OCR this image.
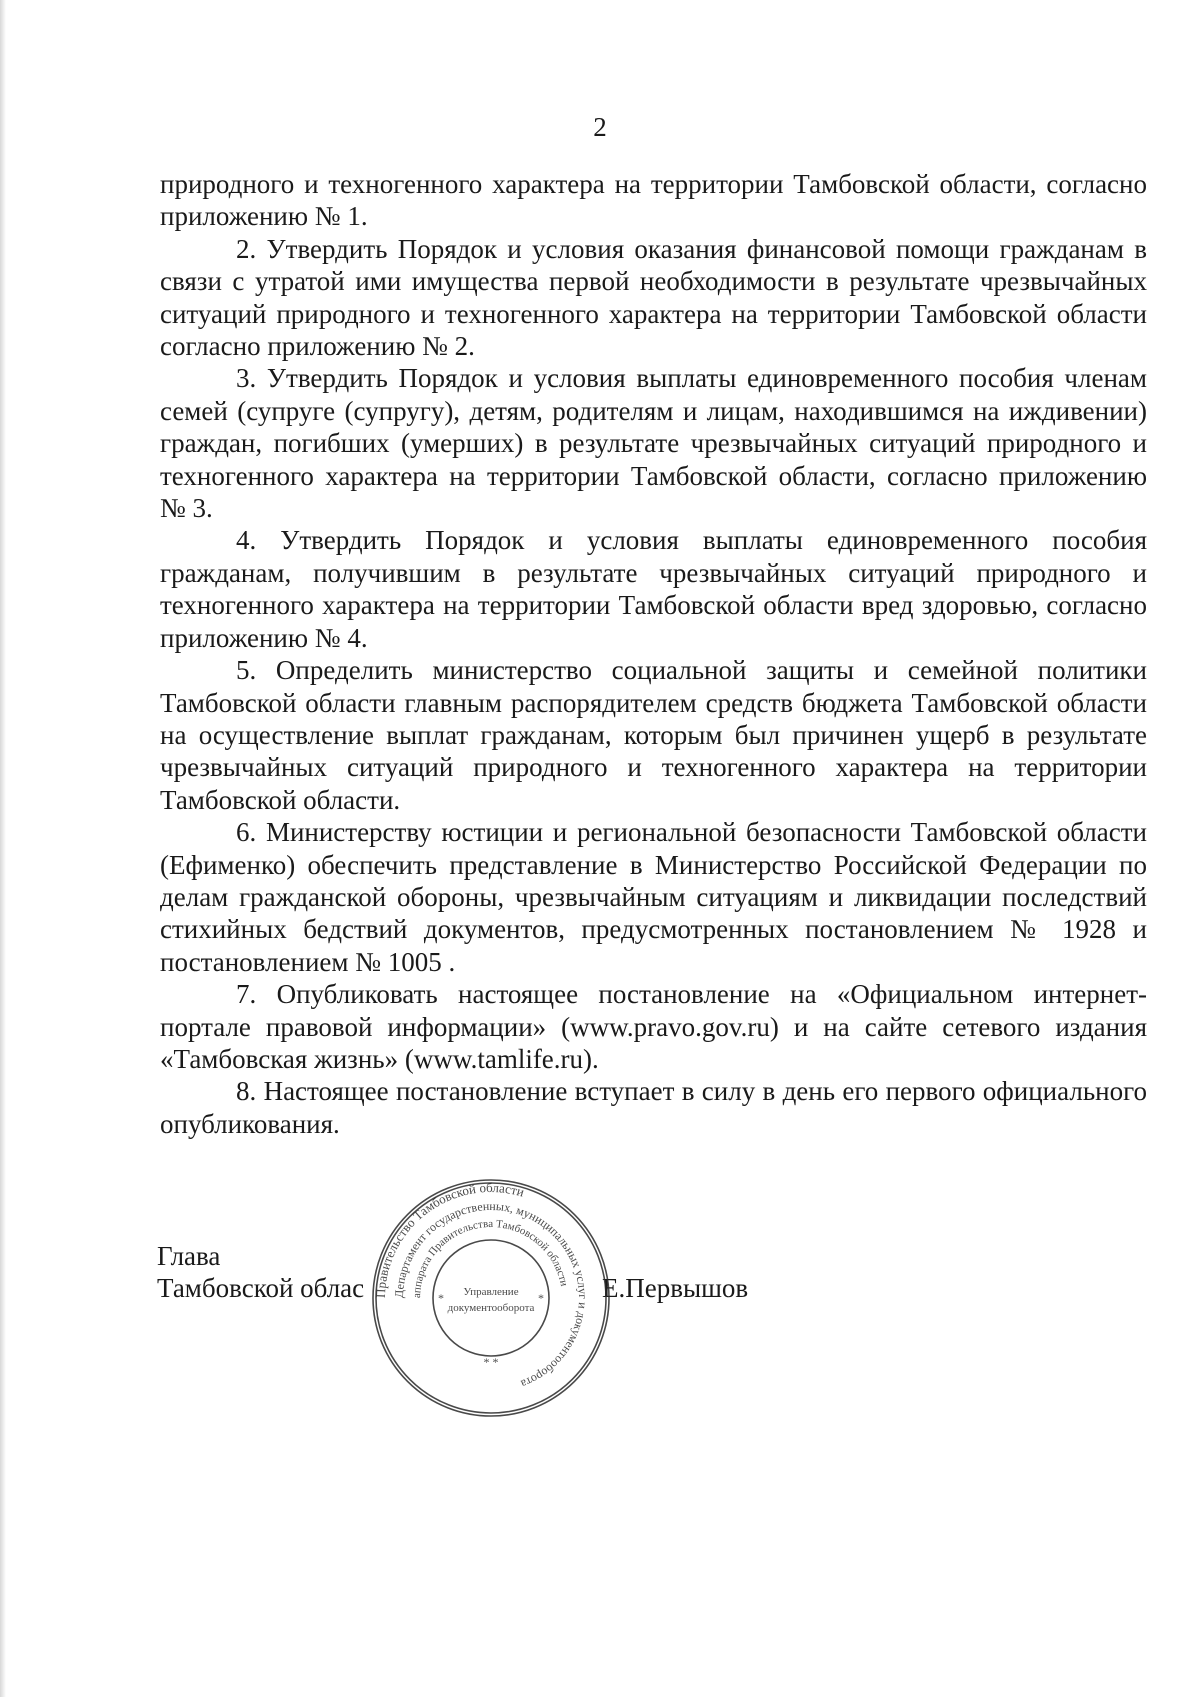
2

природного и техногенного характера на территории Тамбовской области, согласно приложению № 1.

2. Утвердить Порядок и условия оказания финансовой помощи гражданам в связи с утратой ими имущества первой необходимости в результате чрезвычайных ситуаций природного и техногенного характера на территории Тамбовской области согласно приложению № 2.

3. Утвердить Порядок и условия выплаты единовременного пособия членам семей (супруге (супругу), детям, родителям и лицам, находившимся на иждивении) граждан, погибших (умерших) в результате чрезвычайных ситуаций природного и техногенного характера на территории Тамбовской области, согласно приложению № 3.

4. Утвердить Порядок и условия выплаты единовременного пособия гражданам, получившим в результате чрезвычайных ситуаций природного и техногенного характера на территории Тамбовской области вред здоровью, согласно приложению № 4.

5. Определить министерство социальной защиты и семейной политики Тамбовской области главным распорядителем средств бюджета Тамбовской области на осуществление выплат гражданам, которым был причинен ущерб в результате чрезвычайных ситуаций природного и техногенного характера на территории Тамбовской области.

6. Министерству юстиции и региональной безопасности Тамбовской области (Ефименко) обеспечить представление в Министерство Российской Федерации по делам гражданской обороны, чрезвычайным ситуациям и ликвидации последствий стихийных бедствий документов, предусмотренных постановлением № 1928 и постановлением № 1005 .

7. Опубликовать настоящее постановление на «Официальном интернет-портале правовой информации» (www.pravo.gov.ru) и на сайте сетевого издания «Тамбовская жизнь» (www.tamlife.ru).

8. Настоящее постановление вступает в силу в день его первого официального опубликования.

Глава
Тамбовской облас	Е.Первышов
Правительство Тамбовской области
Департамент государственных, муниципальных услуг и документооборота
аппарата Правительства Тамбовской области
Управление
документооборота
*	*
* *
